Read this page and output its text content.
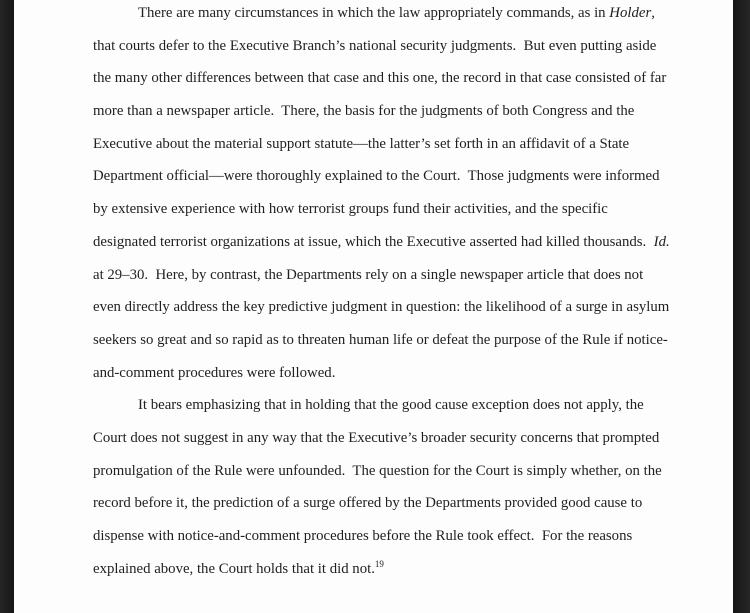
There are many circumstances in which the law appropriately commands, as in Holder,
that courts defer to the Executive Branch’s national security judgments.  But even putting aside
the many other differences between that case and this one, the record in that case consisted of far
more than a newspaper article.  There, the basis for the judgments of both Congress and the
Executive about the material support statute—the latter’s set forth in an affidavit of a State
Department official—were thoroughly explained to the Court.  Those judgments were informed
by extensive experience with how terrorist groups fund their activities, and the specific
designated terrorist organizations at issue, which the Executive asserted had killed thousands.  Id.
at 29–30.  Here, by contrast, the Departments rely on a single newspaper article that does not
even directly address the key predictive judgment in question: the likelihood of a surge in asylum
seekers so great and so rapid as to threaten human life or defeat the purpose of the Rule if notice-
and-comment procedures were followed.
It bears emphasizing that in holding that the good cause exception does not apply, the
Court does not suggest in any way that the Executive’s broader security concerns that prompted
promulgation of the Rule were unfounded.  The question for the Court is simply whether, on the
record before it, the prediction of a surge offered by the Departments provided good cause to
dispense with notice-and-comment procedures before the Rule took effect.  For the reasons
explained above, the Court holds that it did not.$^{19}$
